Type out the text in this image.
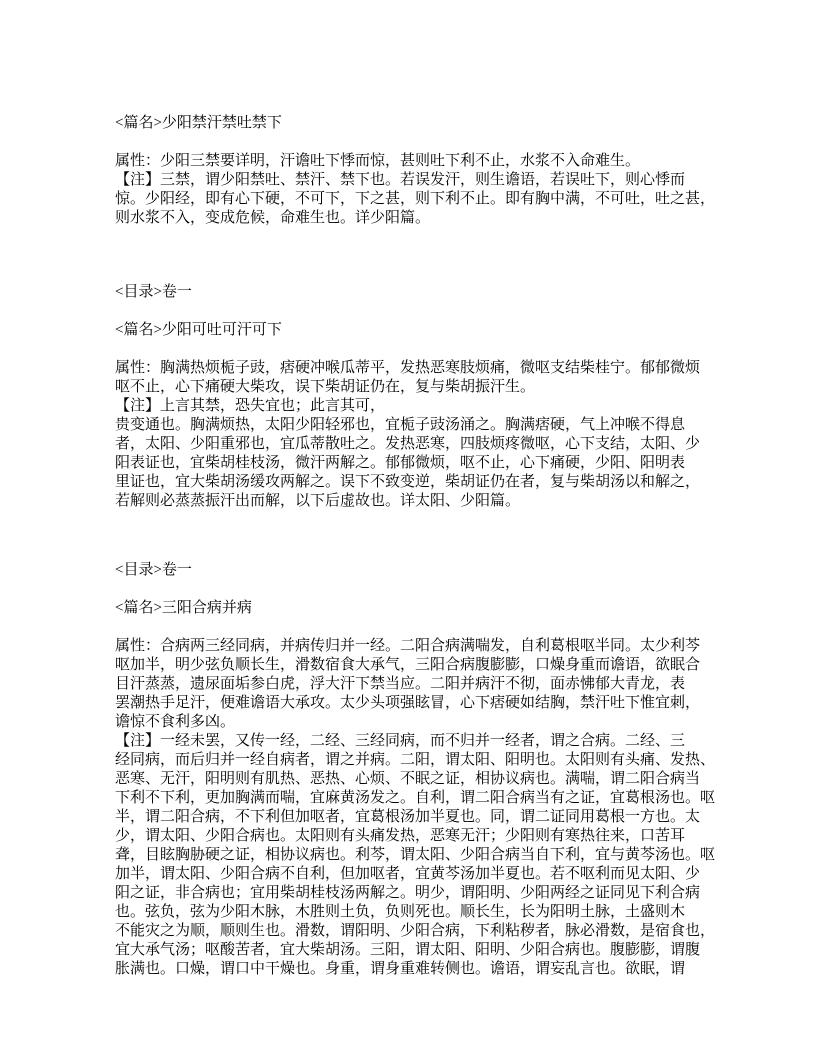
<篇名>少阳禁汗禁吐禁下
属性：少阳三禁要详明，汗谵吐下悸而惊，甚则吐下利不止，水浆不入命难生。
【注】三禁，谓少阳禁吐、禁汗、禁下也。若误发汗，则生谵语，若误吐下，则心悸而
惊。少阳经，即有心下硬，不可下，下之甚，则下利不止。即有胸中满，不可吐，吐之甚，
则水浆不入，变成危候，命难生也。详少阳篇。
<目录>卷一
<篇名>少阳可吐可汗可下
属性：胸满热烦栀子豉，痞硬冲喉瓜蒂平，发热恶寒肢烦痛，微呕支结柴桂宁。郁郁微烦
呕不止，心下痛硬大柴攻，误下柴胡证仍在，复与柴胡振汗生。
【注】上言其禁，恐失宜也；此言其可，
贵变通也。胸满烦热，太阳少阳轻邪也，宜栀子豉汤涌之。胸满痞硬，气上冲喉不得息
者，太阳、少阳重邪也，宜瓜蒂散吐之。发热恶寒，四肢烦疼微呕，心下支结，太阳、少
阳表证也，宜柴胡桂枝汤，微汗两解之。郁郁微烦，呕不止，心下痛硬，少阳、阳明表
里证也，宜大柴胡汤缓攻两解之。误下不致变逆，柴胡证仍在者，复与柴胡汤以和解之，
若解则必蒸蒸振汗出而解，以下后虚故也。详太阳、少阳篇。
<目录>卷一
<篇名>三阳合病并病
属性：合病两三经同病，并病传归并一经。二阳合病满喘发，自利葛根呕半同。太少利芩
呕加半，明少弦负顺长生，滑数宿食大承气，三阳合病腹膨膨，口燥身重而谵语，欲眠合
目汗蒸蒸，遗尿面垢参白虎，浮大汗下禁当应。二阳并病汗不彻，面赤怫郁大青龙，表
罢潮热手足汗，便难谵语大承攻。太少头项强眩冒，心下痞硬如结胸，禁汗吐下惟宜刺，
谵惊不食利多凶。
【注】一经未罢，又传一经，二经、三经同病，而不归并一经者，谓之合病。二经、三
经同病，而后归并一经自病者，谓之并病。二阳，谓太阳、阳明也。太阳则有头痛、发热、
恶寒、无汗，阳明则有肌热、恶热、心烦、不眠之证，相协议病也。满喘，谓二阳合病当
下利不下利，更加胸满而喘，宜麻黄汤发之。自利，谓二阳合病当有之证，宜葛根汤也。呕
半，谓二阳合病，不下利但加呕者，宜葛根汤加半夏也。同，谓二证同用葛根一方也。太
少，谓太阳、少阳合病也。太阳则有头痛发热，恶寒无汗；少阳则有寒热往来，口苦耳
聋，目眩胸胁硬之证，相协议病也。利芩，谓太阳、少阳合病当自下利，宜与黄芩汤也。呕
加半，谓太阳、少阳合病不自利，但加呕者，宜黄芩汤加半夏也。若不呕利而见太阳、少
阳之证，非合病也；宜用柴胡桂枝汤两解之。明少，谓阳明、少阳两经之证同见下利合病
也。弦负，弦为少阳木脉，木胜则土负，负则死也。顺长生，长为阳明土脉，土盛则木
不能灾之为顺，顺则生也。滑数，谓阳明、少阳合病，下利粘秽者，脉必滑数，是宿食也，
宜大承气汤；呕酸苦者，宜大柴胡汤。三阳，谓太阳、阳明、少阳合病也。腹膨膨，谓腹
胀满也。口燥，谓口中干燥也。身重，谓身重难转侧也。谵语，谓妄乱言也。欲眠，谓
